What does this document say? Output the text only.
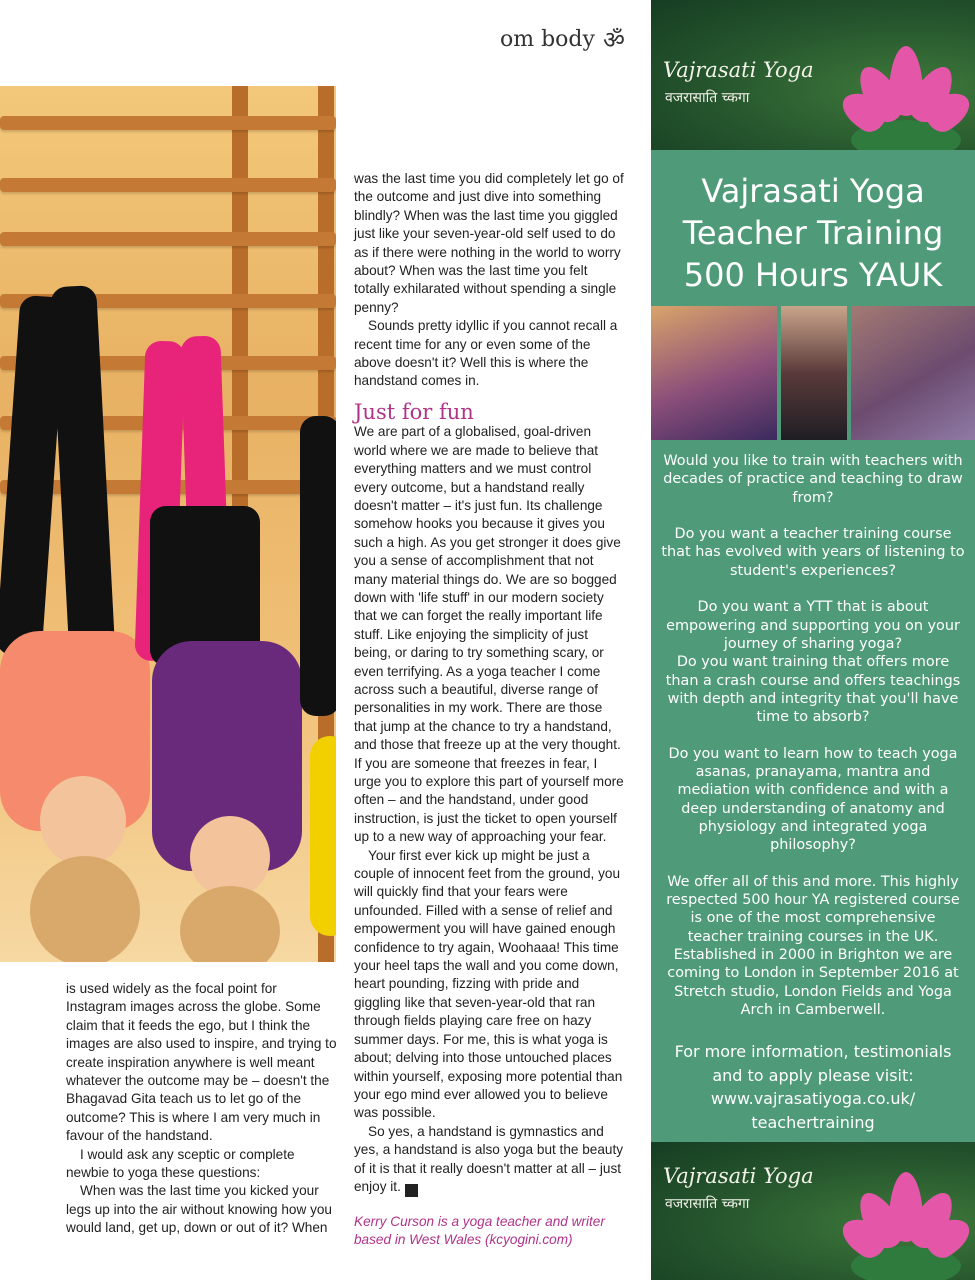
om body ॐ

is used widely as the focal point for Instagram images across the globe. Some claim that it feeds the ego, but I think the images are also used to inspire, and trying to create inspiration anywhere is well meant whatever the outcome may be – doesn't the Bhagavad Gita teach us to let go of the outcome? This is where I am very much in favour of the handstand.

I would ask any sceptic or complete newbie to yoga these questions:

When was the last time you kicked your legs up into the air without knowing how you would land, get up, down or out of it? When

was the last time you did completely let go of the outcome and just dive into something blindly? When was the last time you giggled just like your seven-year-old self used to do as if there were nothing in the world to worry about? When was the last time you felt totally exhilarated without spending a single penny?

Sounds pretty idyllic if you cannot recall a recent time for any or even some of the above doesn't it? Well this is where the handstand comes in.

Just for fun

We are part of a globalised, goal-driven world where we are made to believe that everything matters and we must control every outcome, but a handstand really doesn't matter – it's just fun. Its challenge somehow hooks you because it gives you such a high. As you get stronger it does give you a sense of accomplishment that not many material things do. We are so bogged down with 'life stuff' in our modern society that we can forget the really important life stuff. Like enjoying the simplicity of just being, or daring to try something scary, or even terrifying. As a yoga teacher I come across such a beautiful, diverse range of personalities in my work. There are those that jump at the chance to try a handstand, and those that freeze up at the very thought. If you are someone that freezes in fear, I urge you to explore this part of yourself more often – and the handstand, under good instruction, is just the ticket to open yourself up to a new way of approaching your fear.

Your first ever kick up might be just a couple of innocent feet from the ground, you will quickly find that your fears were unfounded. Filled with a sense of relief and empowerment you will have gained enough confidence to try again, Woohaaa! This time your heel taps the wall and you come down, heart pounding, fizzing with pride and giggling like that seven-year-old that ran through fields playing care free on hazy summer days. For me, this is what yoga is about; delving into those untouched places within yourself, exposing more potential than your ego mind ever allowed you to believe was possible.

So yes, a handstand is gymnastics and yes, a handstand is also yoga but the beauty of it is that it really doesn't matter at all – just enjoy it. ॐ

Kerry Curson is a yoga teacher and writer based in West Wales (kcyogini.com)

Vajrasati Yoga
वजरासाति च्कगा
Vajrasati Yoga
Teacher Training
500 Hours YAUK

Would you like to train with teachers with decades of practice and teaching to draw from?

Do you want a teacher training course that has evolved with years of listening to student's experiences?

Do you want a YTT that is about empowering and supporting you on your journey of sharing yoga?

Do you want training that offers more than a crash course and offers teachings with depth and integrity that you'll have time to absorb?

Do you want to learn how to teach yoga asanas, pranayama, mantra and mediation with confidence and with a deep understanding of anatomy and physiology and integrated yoga philosophy?

We offer all of this and more. This highly respected 500 hour YA registered course is one of the most comprehensive teacher training courses in the UK. Established in 2000 in Brighton we are coming to London in September 2016 at Stretch studio, London Fields and Yoga Arch in Camberwell.

For more information, testimonials
and to apply please visit:
www.vajrasatiyoga.co.uk/
teachertraining
Vajrasati Yoga
वजरासाति च्कगा
